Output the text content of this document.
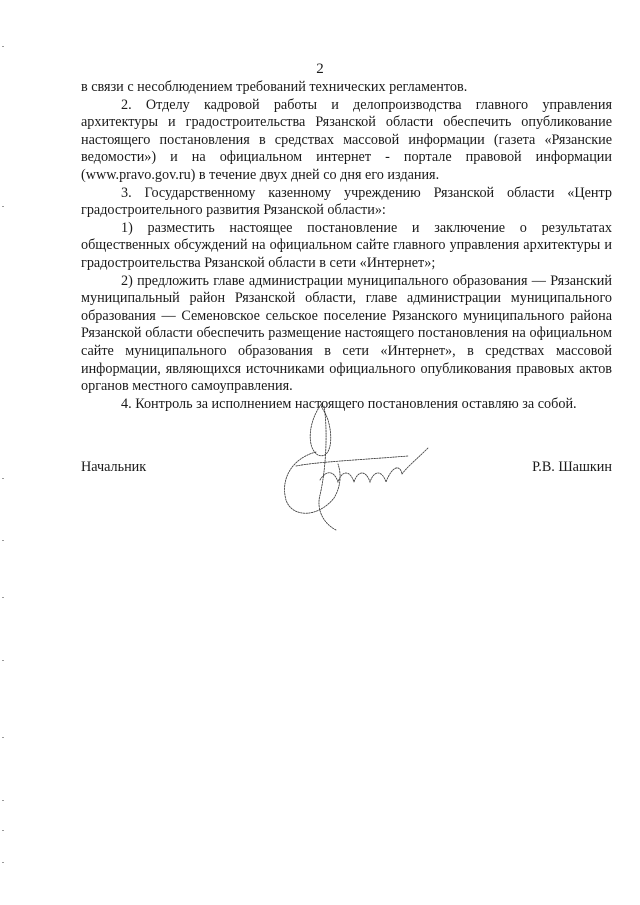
2

в связи с несоблюдением требований технических регламентов.

2. Отделу кадровой работы и делопроизводства главного управления архитектуры и градостроительства Рязанской области обеспечить опубликование настоящего постановления в средствах массовой информации (газета «Рязанские ведомости») и на официальном интернет - портале правовой информации (www.pravo.gov.ru) в течение двух дней со дня его издания.

3. Государственному казенному учреждению Рязанской области «Центр градостроительного развития Рязанской области»:

1) разместить настоящее постановление и заключение о результатах общественных обсуждений на официальном сайте главного управления архитектуры и градостроительства Рязанской области в сети «Интернет»;

2) предложить главе администрации муниципального образования — Рязанский муниципальный район Рязанской области, главе администрации муниципального образования — Семеновское сельское поселение Рязанского муниципального района Рязанской области обеспечить размещение настоящего постановления на официальном сайте муниципального образования в сети «Интернет», в средствах массовой информации, являющихся источниками официального опубликования правовых актов органов местного самоуправления.

4. Контроль за исполнением настоящего постановления оставляю за собой.

Начальник	Р.В. Шашкин
